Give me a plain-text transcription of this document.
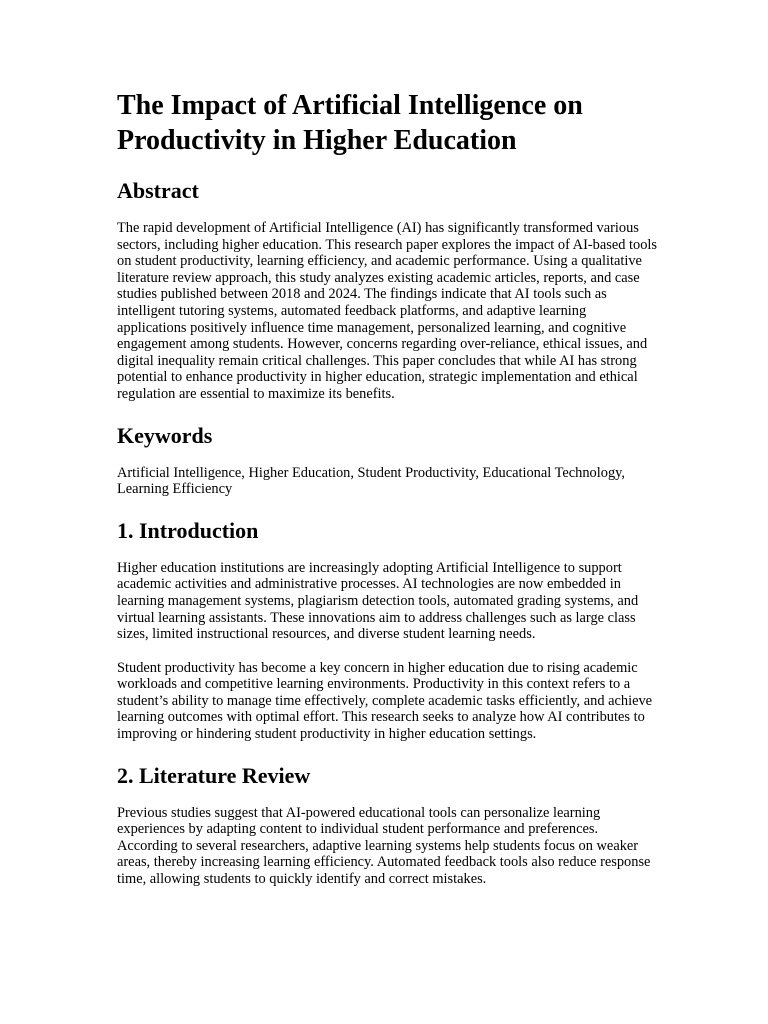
The Impact of Artificial Intelligence on Productivity in Higher Education
Abstract

The rapid development of Artificial Intelligence (AI) has significantly transformed various sectors, including higher education. This research paper explores the impact of AI-based tools on student productivity, learning efficiency, and academic performance. Using a qualitative literature review approach, this study analyzes existing academic articles, reports, and case studies published between 2018 and 2024. The findings indicate that AI tools such as intelligent tutoring systems, automated feedback platforms, and adaptive learning applications positively influence time management, personalized learning, and cognitive engagement among students. However, concerns regarding over-reliance, ethical issues, and digital inequality remain critical challenges. This paper concludes that while AI has strong potential to enhance productivity in higher education, strategic implementation and ethical regulation are essential to maximize its benefits.

Keywords

Artificial Intelligence, Higher Education, Student Productivity, Educational Technology, Learning Efficiency

1. Introduction

Higher education institutions are increasingly adopting Artificial Intelligence to support academic activities and administrative processes. AI technologies are now embedded in learning management systems, plagiarism detection tools, automated grading systems, and virtual learning assistants. These innovations aim to address challenges such as large class sizes, limited instructional resources, and diverse student learning needs.

Student productivity has become a key concern in higher education due to rising academic workloads and competitive learning environments. Productivity in this context refers to a student’s ability to manage time effectively, complete academic tasks efficiently, and achieve learning outcomes with optimal effort. This research seeks to analyze how AI contributes to improving or hindering student productivity in higher education settings.

2. Literature Review

Previous studies suggest that AI-powered educational tools can personalize learning experiences by adapting content to individual student performance and preferences. According to several researchers, adaptive learning systems help students focus on weaker areas, thereby increasing learning efficiency. Automated feedback tools also reduce response time, allowing students to quickly identify and correct mistakes.
